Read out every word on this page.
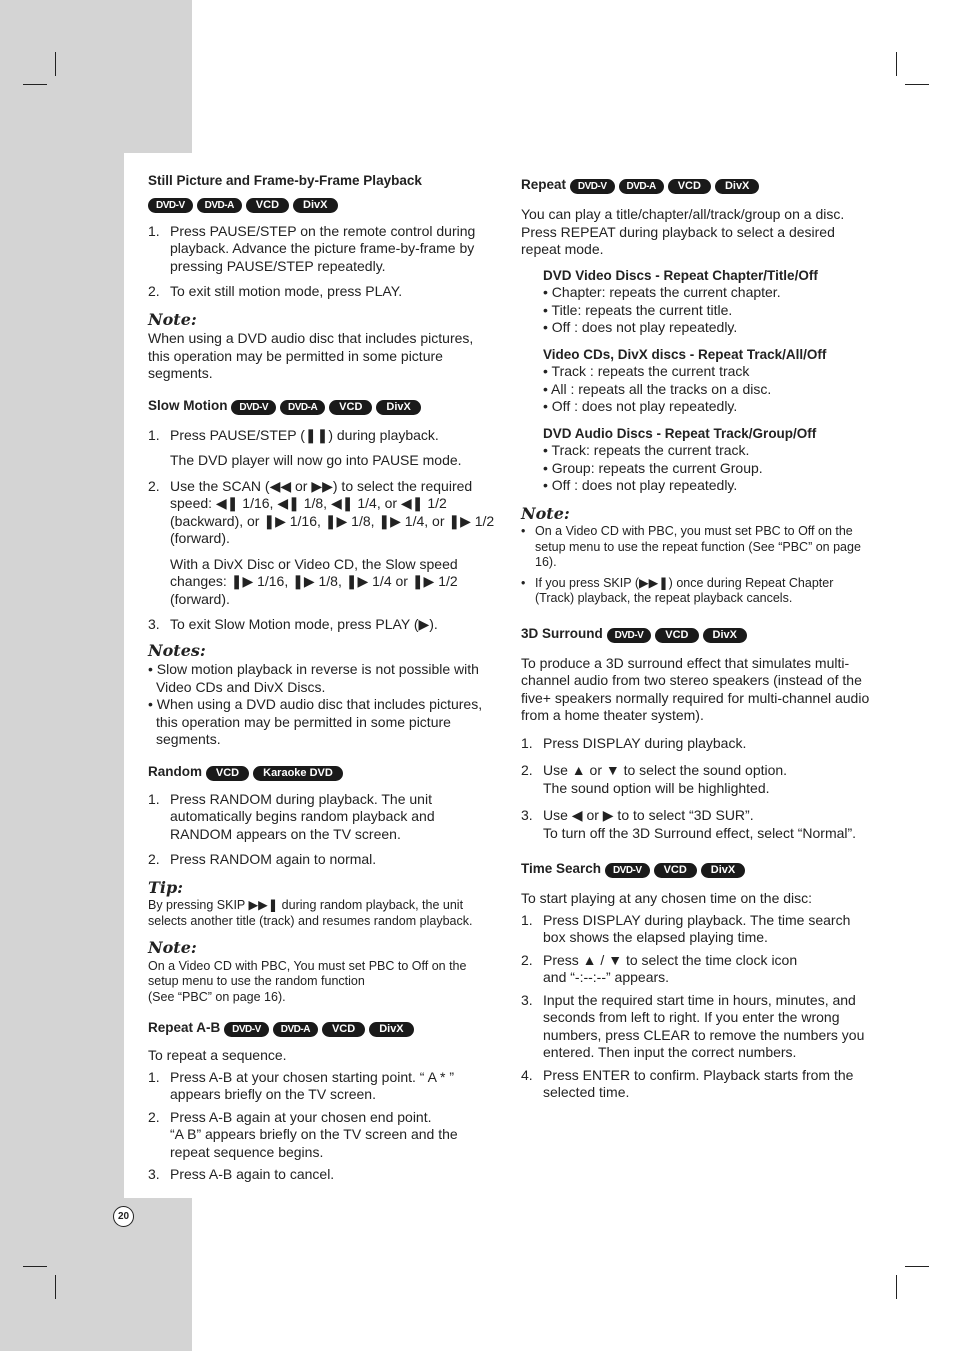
Still Picture and Frame-by-Frame Playback

DVD-V DVD-A VCD DivX
1. Press PAUSE/STEP on the remote control during playback. Advance the picture frame-by-frame by pressing PAUSE/STEP repeatedly.
2. To exit still motion mode, press PLAY.

Note:

When using a DVD audio disc that includes pictures, this operation may be permitted in some picture segments.

Slow Motion DVD-V DVD-A VCD DivX
1. Press PAUSE/STEP (❚❚) during playback.
The DVD player will now go into PAUSE mode.
2. Use the SCAN (◀◀ or ▶▶) to select the required speed: ◀❚ 1/16, ◀❚ 1/8, ◀❚ 1/4, or ◀❚ 1/2 (backward), or ❚▶ 1/16, ❚▶ 1/8, ❚▶ 1/4, or ❚▶ 1/2 (forward).
With a DivX Disc or Video CD, the Slow speed changes: ❚▶ 1/16, ❚▶ 1/8, ❚▶ 1/4 or ❚▶ 1/2 (forward).
3. To exit Slow Motion mode, press PLAY (▶).

Notes:

• Slow motion playback in reverse is not possible with Video CDs and DivX Discs.

• When using a DVD audio disc that includes pictures, this operation may be permitted in some picture segments.

Random VCD Karaoke DVD
1. Press RANDOM during playback. The unit automatically begins random playback and RANDOM appears on the TV screen.
2. Press RANDOM again to normal.

Tip:

By pressing SKIP ▶▶❚ during random playback, the unit selects another title (track) and resumes random playback.

Note:

On a Video CD with PBC, You must set PBC to Off on the setup menu to use the random function

(See “PBC” on page 16).

Repeat A-B DVD-V DVD-A VCD DivX

To repeat a sequence.

1. Press A-B at your chosen starting point. “ A * ” appears briefly on the TV screen.
2. Press A-B again at your chosen end point.
“A B” appears briefly on the TV screen and the repeat sequence begins.
3. Press A-B again to cancel.
Repeat DVD-V DVD-A VCD DivX

You can play a title/chapter/all/track/group on a disc. Press REPEAT during playback to select a desired repeat mode.

DVD Video Discs - Repeat Chapter/Title/Off

• Chapter: repeats the current chapter.

• Title: repeats the current title.

• Off : does not play repeatedly.

Video CDs, DivX discs - Repeat Track/All/Off

• Track : repeats the current track

• All : repeats all the tracks on a disc.

• Off : does not play repeatedly.

DVD Audio Discs - Repeat Track/Group/Off

• Track: repeats the current track.

• Group: repeats the current Group.

• Off : does not play repeatedly.

Note:

• On a Video CD with PBC, you must set PBC to Off on the setup menu to use the repeat function (See “PBC” on page 16).

• If you press SKIP (▶▶❚) once during Repeat Chapter (Track) playback, the repeat playback cancels.

3D Surround DVD-V VCD DivX

To produce a 3D surround effect that simulates multi-channel audio from two stereo speakers (instead of the five+ speakers normally required for multi-channel audio from a home theater system).

1. Press DISPLAY during playback.
2. Use ▲ or ▼ to select the sound option.
The sound option will be highlighted.
3. Use ◀ or ▶ to to select “3D SUR”.
To turn off the 3D Surround effect, select “Normal”.
Time Search DVD-V VCD DivX

To start playing at any chosen time on the disc:

1. Press DISPLAY during playback. The time search box shows the elapsed playing time.
2. Press ▲ / ▼ to select the time clock icon
and “-:--:--” appears.
3. Input the required start time in hours, minutes, and seconds from left to right. If you enter the wrong numbers, press CLEAR to remove the numbers you entered. Then input the correct numbers.
4. Press ENTER to confirm. Playback starts from the selected time.
20
